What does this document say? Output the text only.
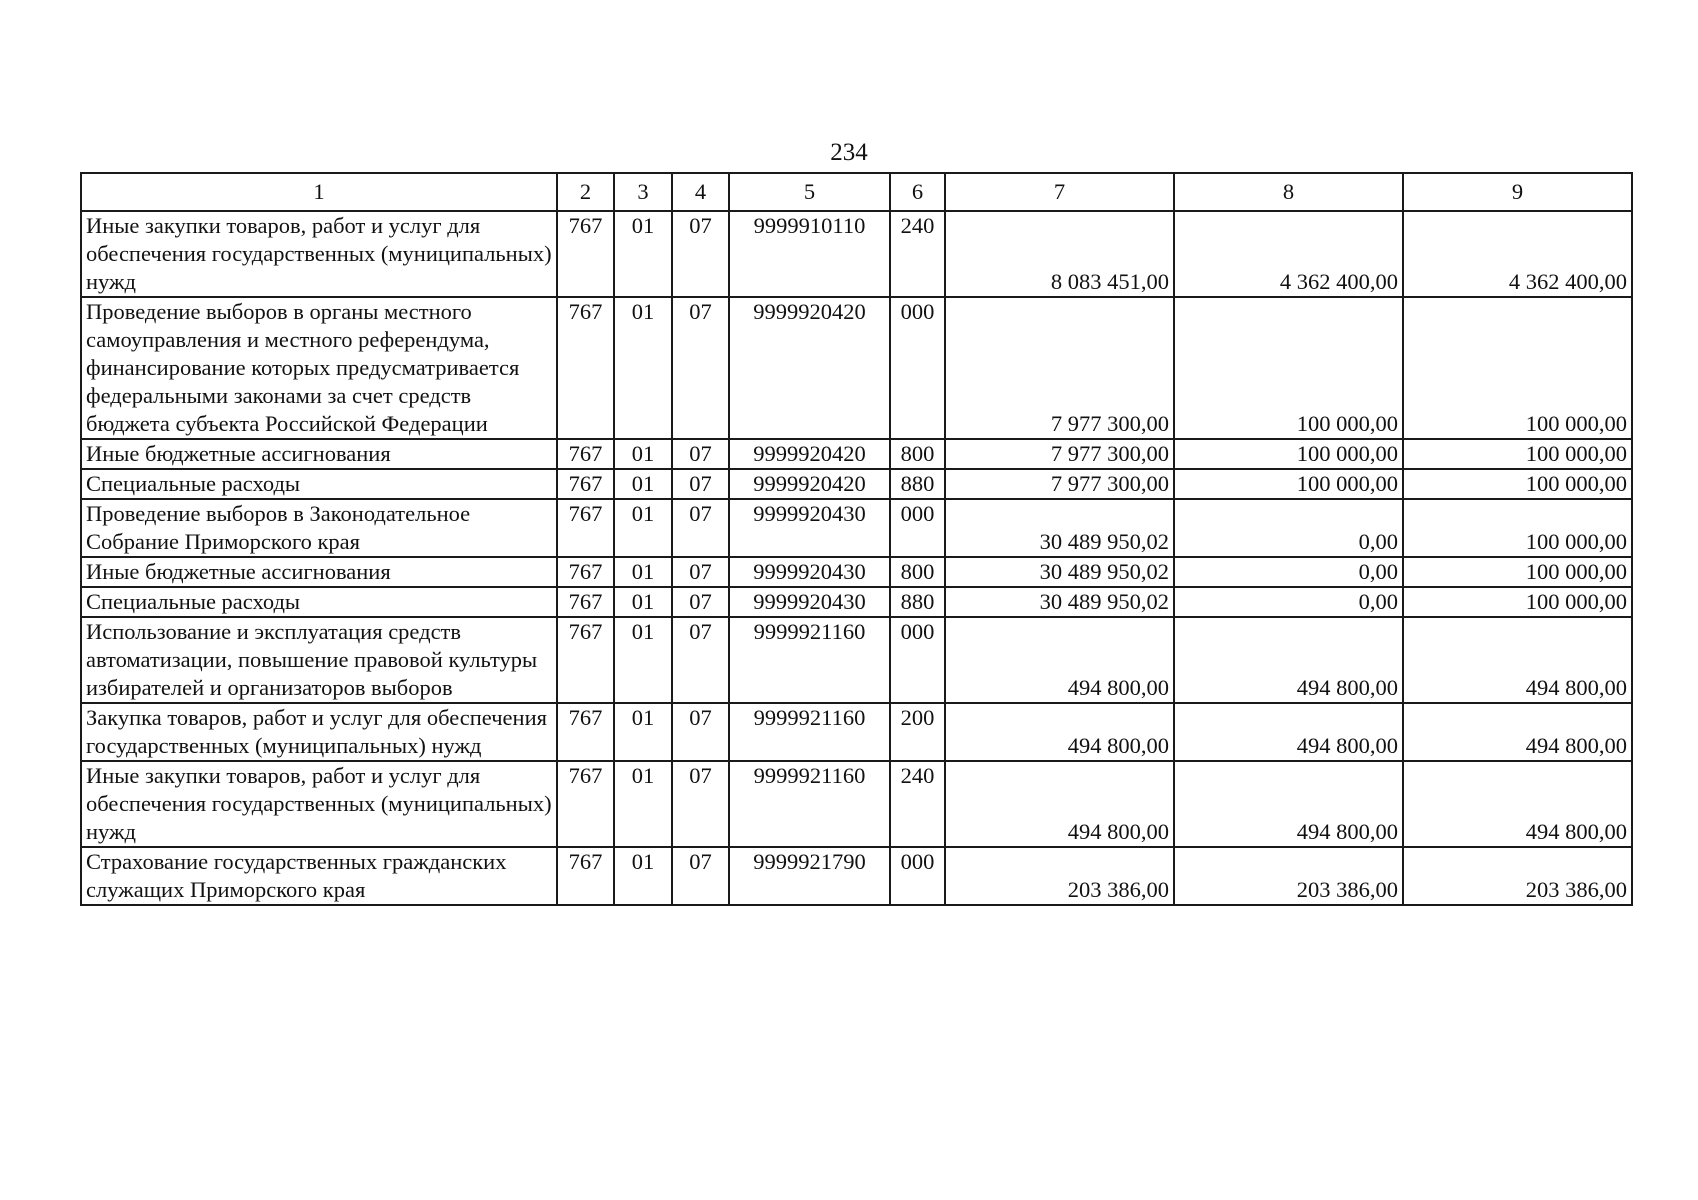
234
1	2	3	4	5	6	7	8	9
Иные закупки товаров, работ и услуг для обеспечения государственных (муниципальных) нужд	767	01	07	9999910110	240	8 083 451,00	4 362 400,00	4 362 400,00
Проведение выборов в органы местного самоуправления и местного референдума, финансирование которых предусматривается федеральными законами за счет средств бюджета субъекта Российской Федерации	767	01	07	9999920420	000	7 977 300,00	100 000,00	100 000,00
Иные бюджетные ассигнования	767	01	07	9999920420	800	7 977 300,00	100 000,00	100 000,00
Специальные расходы	767	01	07	9999920420	880	7 977 300,00	100 000,00	100 000,00
Проведение выборов в Законодательное Собрание Приморского края	767	01	07	9999920430	000	30 489 950,02	0,00	100 000,00
Иные бюджетные ассигнования	767	01	07	9999920430	800	30 489 950,02	0,00	100 000,00
Специальные расходы	767	01	07	9999920430	880	30 489 950,02	0,00	100 000,00
Использование и эксплуатация средств автоматизации, повышение правовой культуры избирателей и организаторов выборов	767	01	07	9999921160	000	494 800,00	494 800,00	494 800,00
Закупка товаров, работ и услуг для обеспечения государственных (муниципальных) нужд	767	01	07	9999921160	200	494 800,00	494 800,00	494 800,00
Иные закупки товаров, работ и услуг для обеспечения государственных (муниципальных) нужд	767	01	07	9999921160	240	494 800,00	494 800,00	494 800,00
Страхование государственных гражданских служащих Приморского края	767	01	07	9999921790	000	203 386,00	203 386,00	203 386,00
